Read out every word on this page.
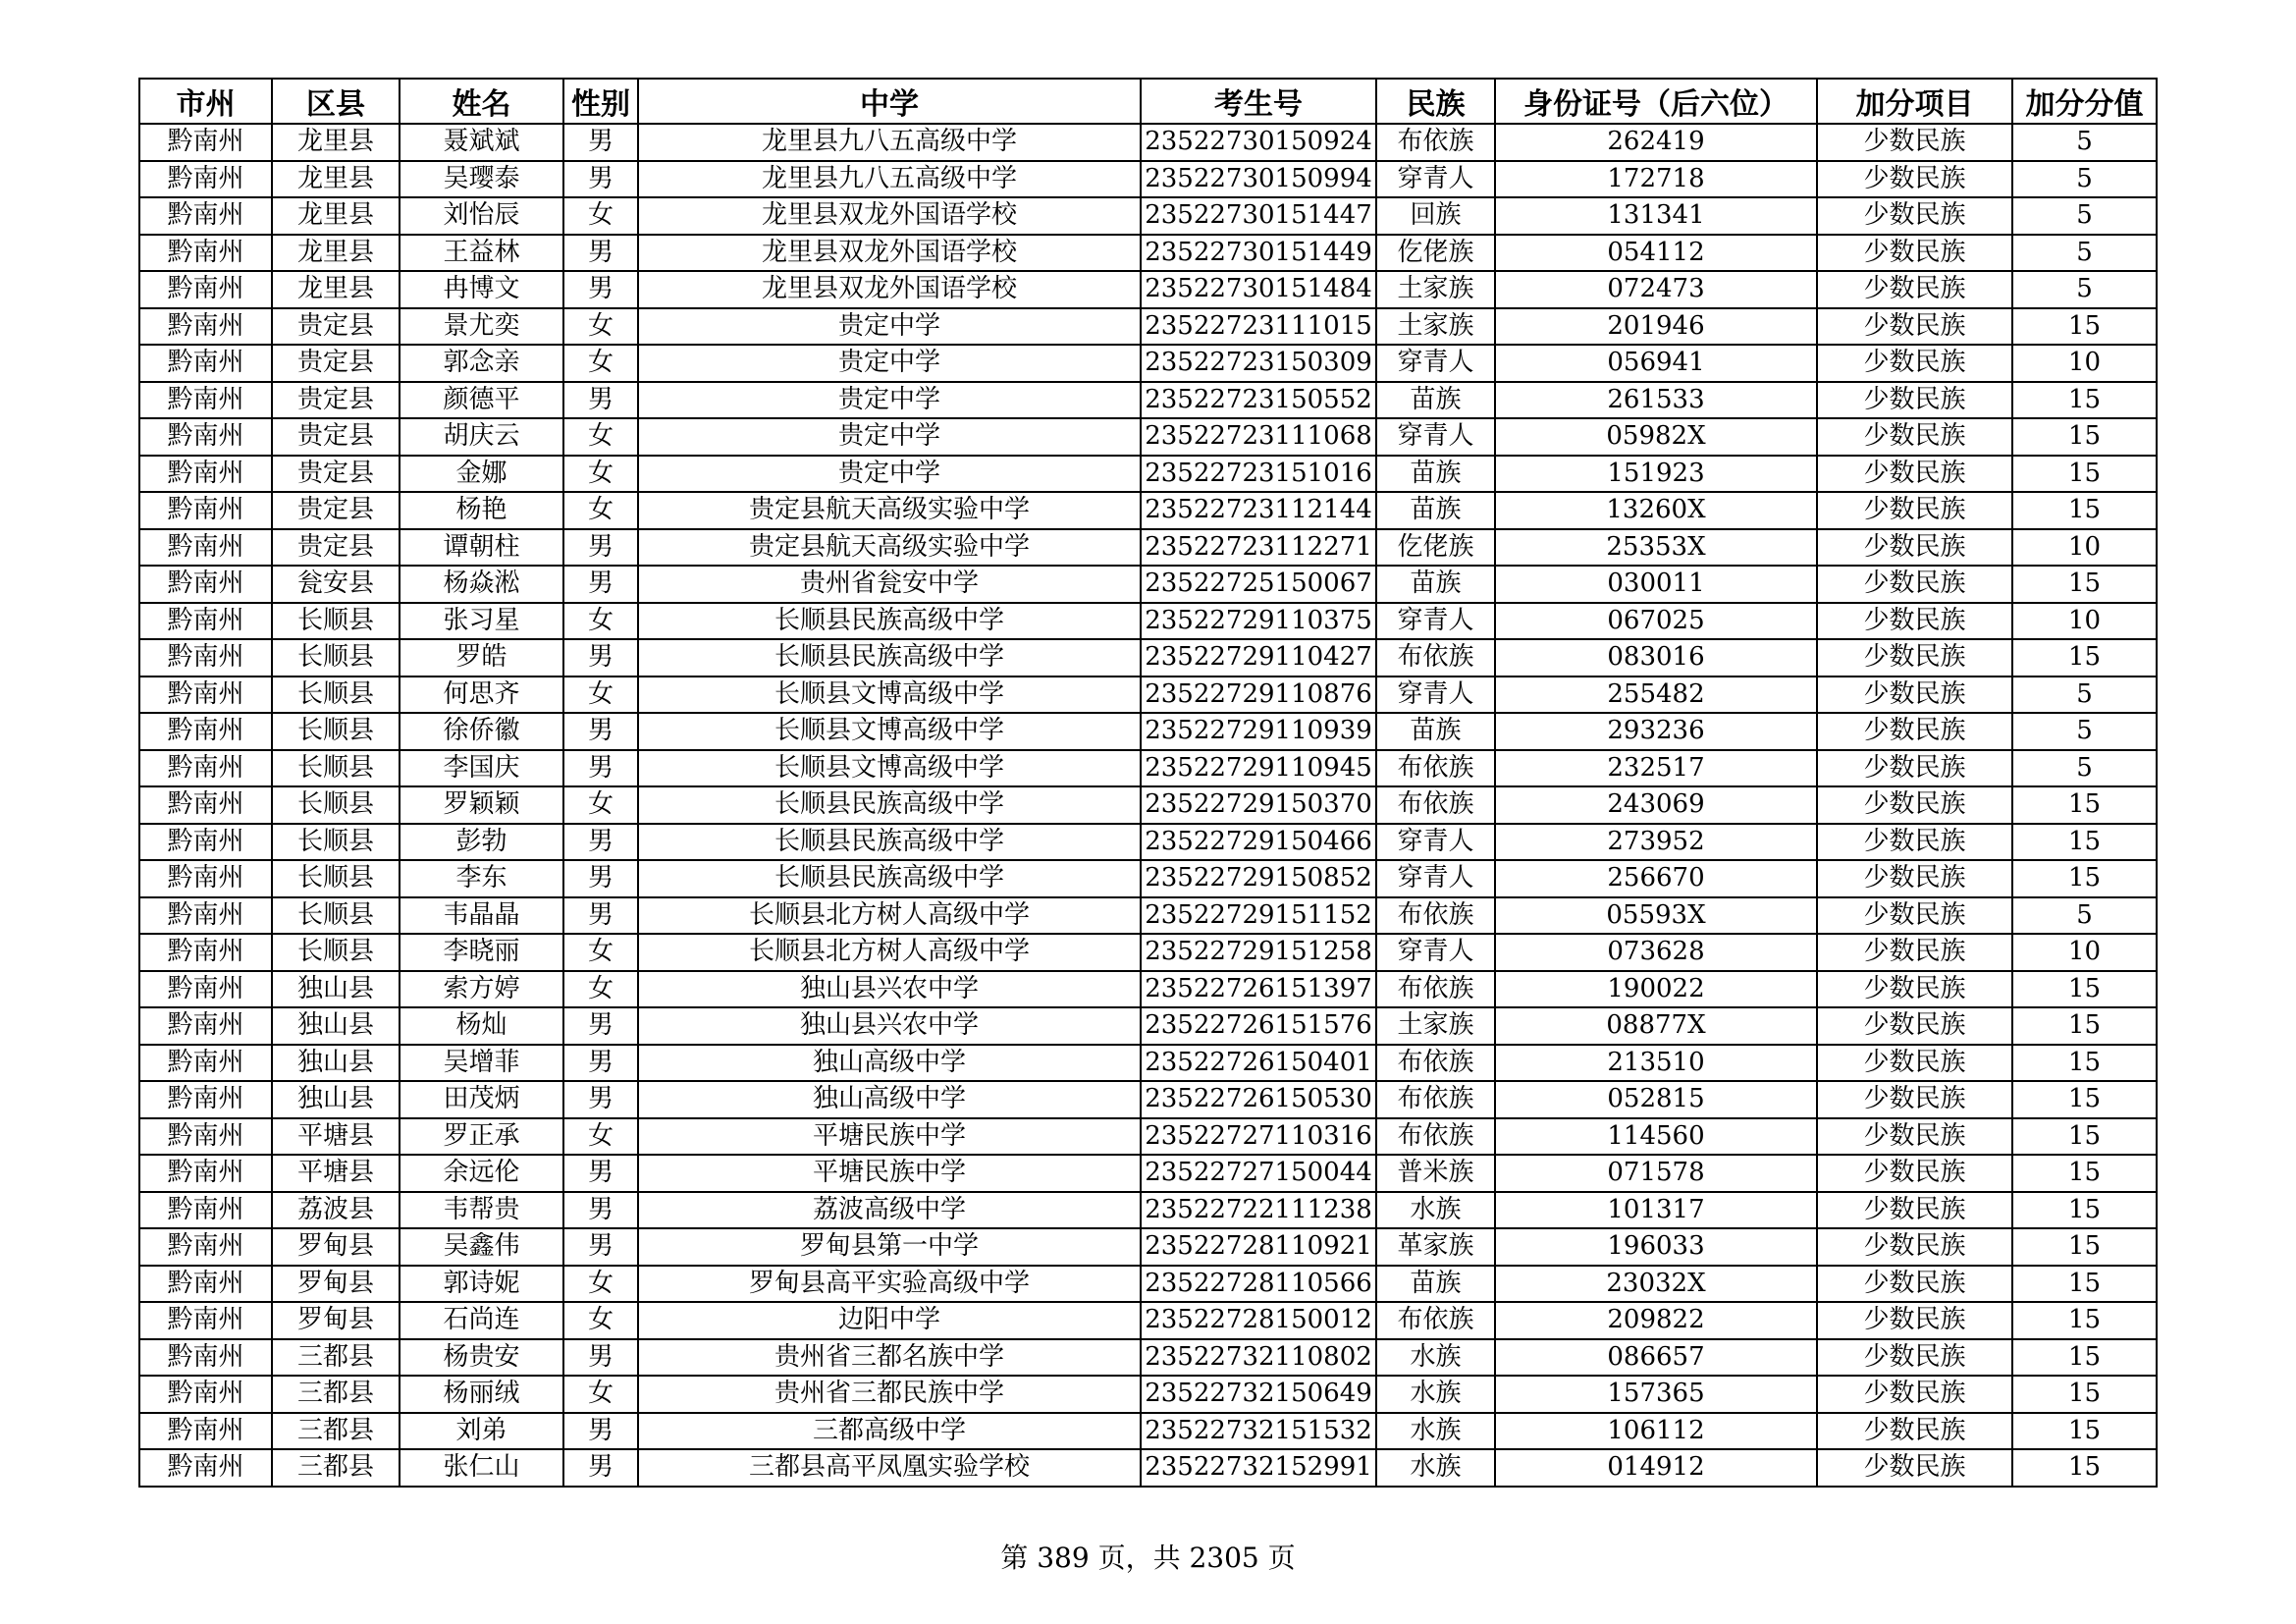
市州	区县	姓名	性别	中学	考生号	民族	身份证号（后六位）	加分项目	加分分值
黔南州	龙里县	聂斌斌	男	龙里县九八五高级中学	23522730150924	布依族	262419	少数民族	5
黔南州	龙里县	吴璎泰	男	龙里县九八五高级中学	23522730150994	穿青人	172718	少数民族	5
黔南州	龙里县	刘怡辰	女	龙里县双龙外国语学校	23522730151447	回族	131341	少数民族	5
黔南州	龙里县	王益林	男	龙里县双龙外国语学校	23522730151449	仡佬族	054112	少数民族	5
黔南州	龙里县	冉博文	男	龙里县双龙外国语学校	23522730151484	土家族	072473	少数民族	5
黔南州	贵定县	景尤奕	女	贵定中学	23522723111015	土家族	201946	少数民族	15
黔南州	贵定县	郭念亲	女	贵定中学	23522723150309	穿青人	056941	少数民族	10
黔南州	贵定县	颜德平	男	贵定中学	23522723150552	苗族	261533	少数民族	15
黔南州	贵定县	胡庆云	女	贵定中学	23522723111068	穿青人	05982X	少数民族	15
黔南州	贵定县	金娜	女	贵定中学	23522723151016	苗族	151923	少数民族	15
黔南州	贵定县	杨艳	女	贵定县航天高级实验中学	23522723112144	苗族	13260X	少数民族	15
黔南州	贵定县	谭朝柱	男	贵定县航天高级实验中学	23522723112271	仡佬族	25353X	少数民族	10
黔南州	瓮安县	杨焱淞	男	贵州省瓮安中学	23522725150067	苗族	030011	少数民族	15
黔南州	长顺县	张习星	女	长顺县民族高级中学	23522729110375	穿青人	067025	少数民族	10
黔南州	长顺县	罗皓	男	长顺县民族高级中学	23522729110427	布依族	083016	少数民族	15
黔南州	长顺县	何思齐	女	长顺县文博高级中学	23522729110876	穿青人	255482	少数民族	5
黔南州	长顺县	徐侨徽	男	长顺县文博高级中学	23522729110939	苗族	293236	少数民族	5
黔南州	长顺县	李国庆	男	长顺县文博高级中学	23522729110945	布依族	232517	少数民族	5
黔南州	长顺县	罗颖颖	女	长顺县民族高级中学	23522729150370	布依族	243069	少数民族	15
黔南州	长顺县	彭勃	男	长顺县民族高级中学	23522729150466	穿青人	273952	少数民族	15
黔南州	长顺县	李东	男	长顺县民族高级中学	23522729150852	穿青人	256670	少数民族	15
黔南州	长顺县	韦晶晶	男	长顺县北方树人高级中学	23522729151152	布依族	05593X	少数民族	5
黔南州	长顺县	李晓丽	女	长顺县北方树人高级中学	23522729151258	穿青人	073628	少数民族	10
黔南州	独山县	索方婷	女	独山县兴农中学	23522726151397	布依族	190022	少数民族	15
黔南州	独山县	杨灿	男	独山县兴农中学	23522726151576	土家族	08877X	少数民族	15
黔南州	独山县	吴增菲	男	独山高级中学	23522726150401	布依族	213510	少数民族	15
黔南州	独山县	田茂炳	男	独山高级中学	23522726150530	布依族	052815	少数民族	15
黔南州	平塘县	罗正承	女	平塘民族中学	23522727110316	布依族	114560	少数民族	15
黔南州	平塘县	余远伦	男	平塘民族中学	23522727150044	普米族	071578	少数民族	15
黔南州	荔波县	韦帮贵	男	荔波高级中学	23522722111238	水族	101317	少数民族	15
黔南州	罗甸县	吴鑫伟	男	罗甸县第一中学	23522728110921	革家族	196033	少数民族	15
黔南州	罗甸县	郭诗妮	女	罗甸县高平实验高级中学	23522728110566	苗族	23032X	少数民族	15
黔南州	罗甸县	石尚连	女	边阳中学	23522728150012	布依族	209822	少数民族	15
黔南州	三都县	杨贵安	男	贵州省三都名族中学	23522732110802	水族	086657	少数民族	15
黔南州	三都县	杨丽绒	女	贵州省三都民族中学	23522732150649	水族	157365	少数民族	15
黔南州	三都县	刘弟	男	三都高级中学	23522732151532	水族	106112	少数民族	15
黔南州	三都县	张仁山	男	三都县高平凤凰实验学校	23522732152991	水族	014912	少数民族	15
第 389 页，共 2305 页
